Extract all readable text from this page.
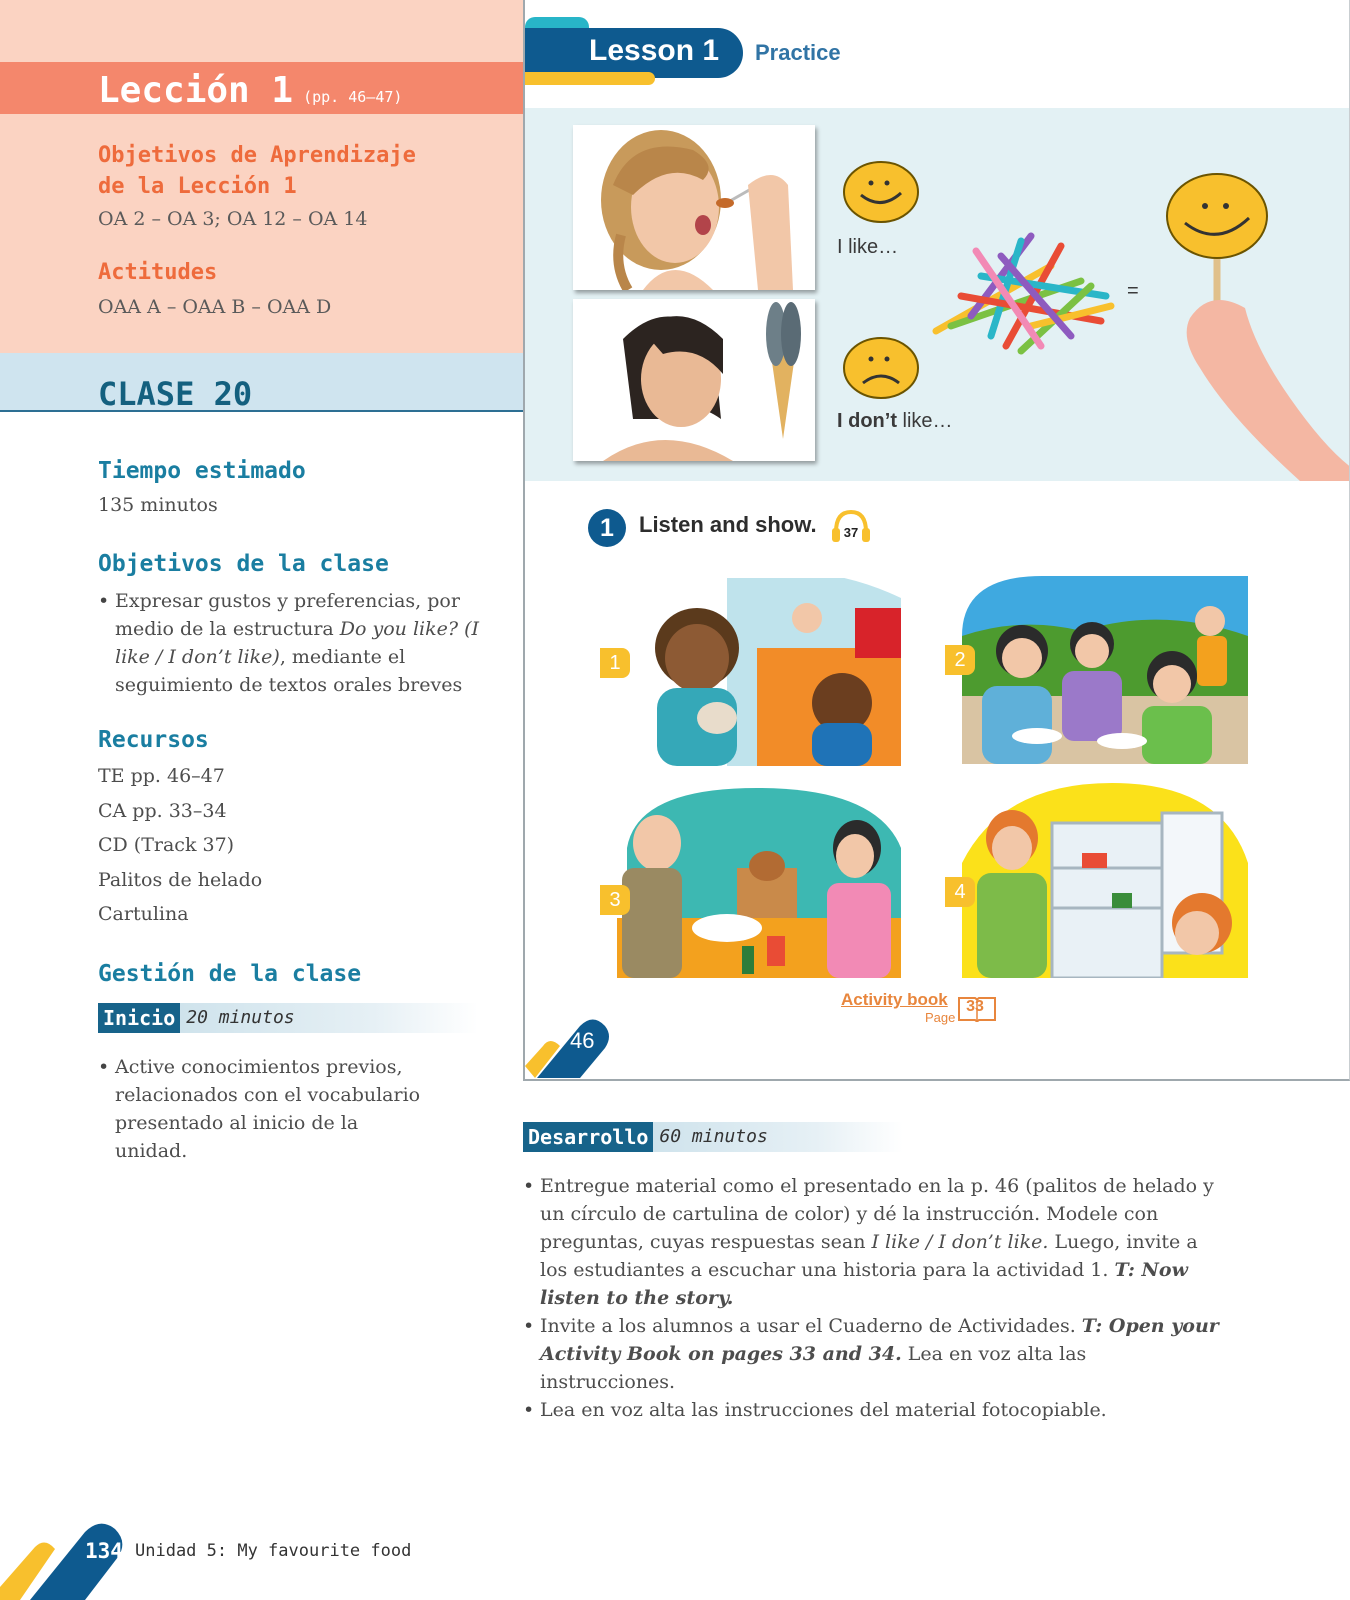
Lección 1 (pp. 46–47)
Objetivos de Aprendizaje
de la Lección 1
OA 2 – OA 3; OA 12 – OA 14
Actitudes
OAA A – OAA B – OAA D
CLASE 20
Tiempo estimado
135 minutos
Objetivos de la clase
• Expresar gustos y preferencias, por medio de la estructura Do you like? (I like / I don’t like), mediante el seguimiento de textos orales breves
Recursos
TE pp. 46–47
CA pp. 33–34
CD (Track 37)
Palitos de helado
Cartulina
Gestión de la clase
Inicio 20 minutos
• Active conocimientos previos, relacionados con el vocabulario presentado al inicio de la unidad.
Lesson 1 Practice
I like…
I don’t like…
=
1	Listen and show.	37
1	2
3	4
Activity book
Page
33
46
Desarrollo 60 minutos
• Entregue material como el presentado en la p. 46 (palitos de helado y un círculo de cartulina de color) y dé la instrucción. Modele con preguntas, cuyas respuestas sean I like / I don’t like. Luego, invite a los estudiantes a escuchar una historia para la actividad 1. T: Now listen to the story.
• Invite a los alumnos a usar el Cuaderno de Actividades. T: Open your Activity Book on pages 33 and 34. Lea en voz alta las instrucciones.
• Lea en voz alta las instrucciones del material fotocopiable.
134 Unidad 5: My favourite food
